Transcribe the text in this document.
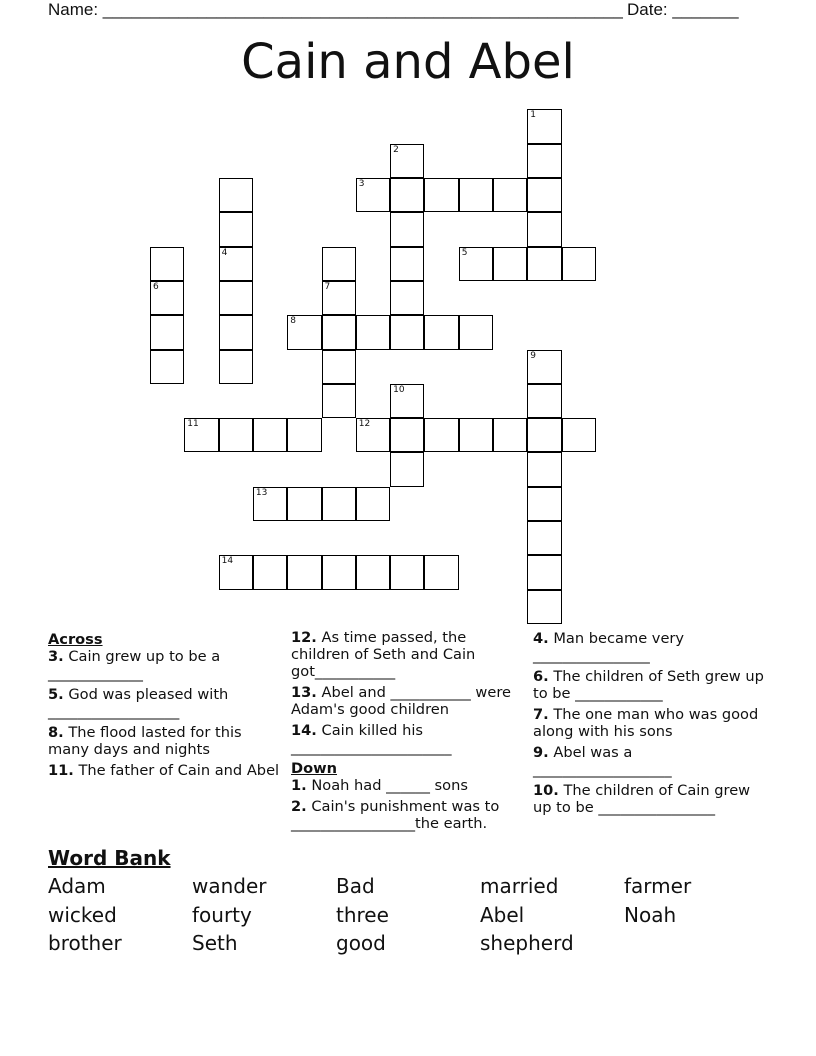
Name: _______________________________________________________ Date: _______
Cain and Abel
6
4
7
2
1
10
9
3
5
8
11	12
13
14
Across
3. Cain grew up to be a _____________
5. God was pleased with __________________
8. The flood lasted for this many days and nights
11. The father of Cain and Abel
12. As time passed, the children of Seth and Cain got___________
13. Abel and ___________ were Adam's good children
14. Cain killed his ______________________
Down
1. Noah had ______ sons
2. Cain's punishment was to _________________the earth.
4. Man became very ________________
6. The children of Seth grew up to be ____________
7. The one man who was good along with his sons
9. Abel was a ___________________
10. The children of Cain grew up to be ________________
Word Bank
Adam	wander	Bad	married	farmer
wicked	fourty	three	Abel	Noah
brother	Seth	good	shepherd
